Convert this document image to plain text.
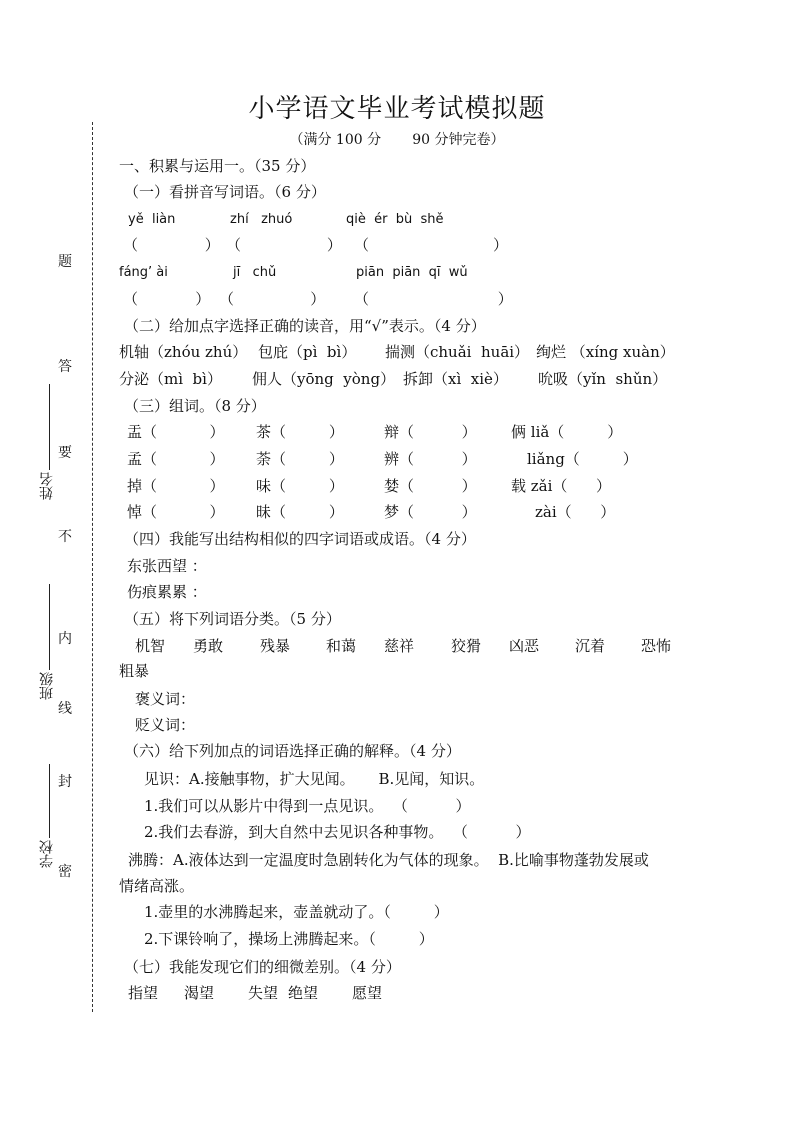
题
答
要
不
内
线
封
密
姓名
班级
学校
小学语文毕业考试模拟题
（满分 100 分       90 分钟完卷）
一、积累与运用一。（35 分）
（一）看拼音写词语。（6 分）
yě  liàn	zhí   zhuó	qiè  ér  bù  shě
（              ） （                  ） （                          ）
fáng’ ài	jī   chǔ	piān  piān  qī  wǔ
（            ） （                ） （                           ）
（二）给加点字选择正确的读音，用“√”表示。（4 分）
机轴（zhóu zhú） 包庇（pì  bì） 揣测（chuǎi  huāi） 绚烂 （xíng xuàn）
分泌（mì  bì） 佣人（yōng  yòng） 拆卸（xì  xiè） 吮吸（yǐn  shǔn）
（三）组词。（8 分）
盂（           ） 茶（         ）	辩（          ） 俩 liǎ（         ）
孟（           ） 荼（         ）	辨（          ）	liǎng（         ）
掉（           ） 味（         ）	婪（          ） 载 zǎi（      ）
悼（           ） 昧（         ）	梦（          ）	zài（      ）
（四）我能写出结构相似的四字词语或成语。（4 分）
东张西望 ：
伤痕累累 ：
（五）将下列词语分类。（5 分）
机智 勇敢 残暴 和蔼 慈祥 狡猾 凶恶 沉着 恐怖
粗暴
褒义词：
贬义词：
（六）给下列加点的词语选择正确的解释。（4 分）
见识：A.接触事物，扩大见闻。     B.见闻，知识。
1.我们可以从影片中得到一点见识。  （          ）
2.我们去春游，到大自然中去见识各种事物。  （          ）
沸腾：A.液体达到一定温度时急剧转化为气体的现象。  B.比喻事物蓬勃发展或
情绪高涨。
1.壶里的水沸腾起来，壶盖就动了。（         ）
2.下课铃响了，操场上沸腾起来。（         ）
（七）我能发现它们的细微差别。（4 分）
指望 渴望 失望 绝望 愿望
